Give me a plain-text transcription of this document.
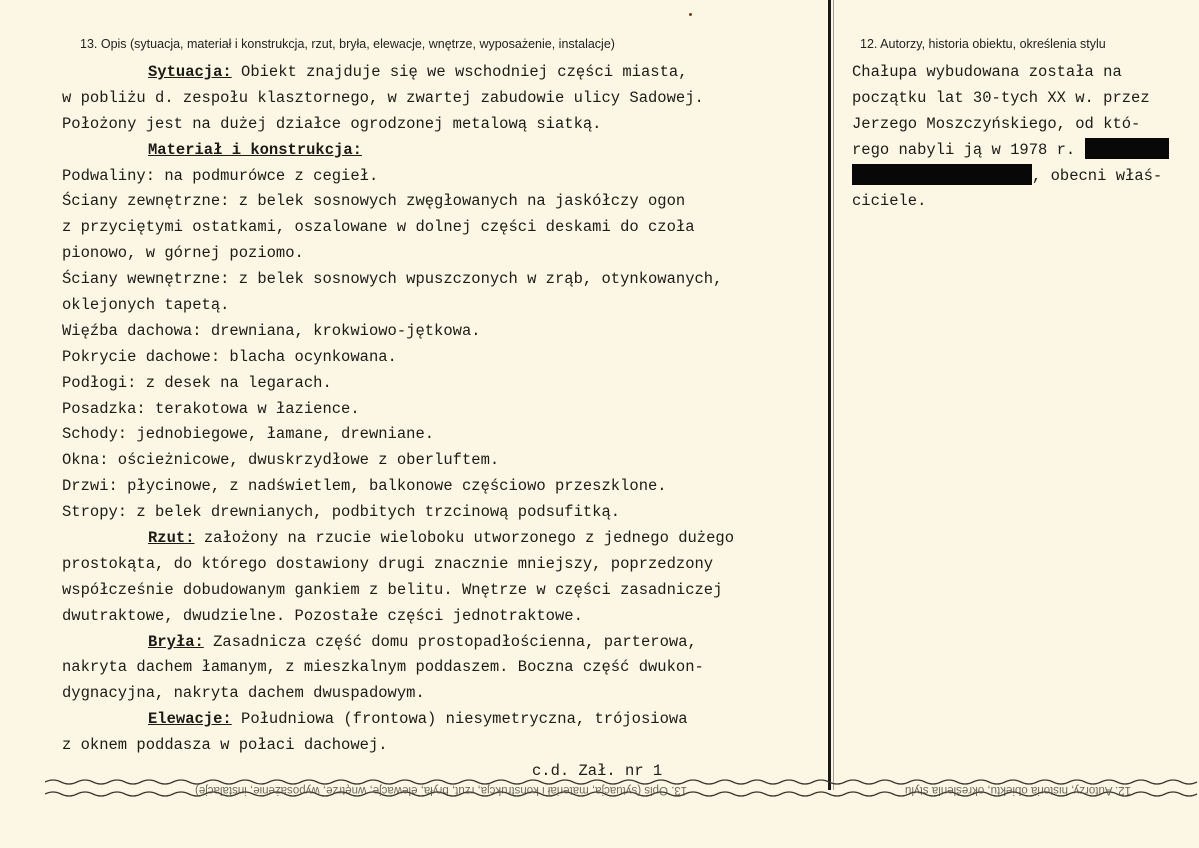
13. Opis (sytuacja, materiał i konstrukcja, rzut, bryła, elewacje, wnętrze, wyposażenie, instalacje)	12. Autorzy, historia obiektu, określenia stylu
Sytuacja: Obiekt znajduje się we wschodniej części miasta,
w pobliżu d. zespołu klasztornego, w zwartej zabudowie ulicy Sadowej.
Położony jest na dużej działce ogrodzonej metalową siatką.
Materiał i konstrukcja:
Podwaliny: na podmurówce z cegieł.
Ściany zewnętrzne: z belek sosnowych zwęgłowanych na jaskółczy ogon
z przyciętymi ostatkami, oszalowane w dolnej części deskami do czoła
pionowo, w górnej poziomo.
Ściany wewnętrzne: z belek sosnowych wpuszczonych w zrąb, otynkowanych,
oklejonych tapetą.
Więźba dachowa: drewniana, krokwiowo-jętkowa.
Pokrycie dachowe: blacha ocynkowana.
Podłogi: z desek na legarach.
Posadzka: terakotowa w łazience.
Schody: jednobiegowe, łamane, drewniane.
Okna: ościeżnicowe, dwuskrzydłowe z oberluftem.
Drzwi: płycinowe, z nadświetlem, balkonowe częściowo przeszklone.
Stropy: z belek drewnianych, podbitych trzcinową podsufitką.
Rzut: założony na rzucie wieloboku utworzonego z jednego dużego
prostokąta, do którego dostawiony drugi znacznie mniejszy, poprzedzony
współcześnie dobudowanym gankiem z belitu. Wnętrze w części zasadniczej
dwutraktowe, dwudzielne. Pozostałe części jednotraktowe.
Bryła: Zasadnicza część domu prostopadłościenna, parterowa,
nakryta dachem łamanym, z mieszkalnym poddaszem. Boczna część dwukon-
dygnacyjna, nakryta dachem dwuspadowym.
Elewacje: Południowa (frontowa) niesymetryczna, trójosiowa
z oknem poddasza w połaci dachowej.
c.d. Zał. nr 1
Chałupa wybudowana została na
początku lat 30-tych XX w. przez
Jerzego Moszczyńskiego, od któ-
rego nabyli ją w 1978 r.
, obecni właś-
ciciele.
13. Opis (sytuacja, materiał i konstrukcja, rzut, bryła, elewacje, wnętrze, wyposażenie, instalacje)	12. Autorzy, historia obiektu, określenia stylu
